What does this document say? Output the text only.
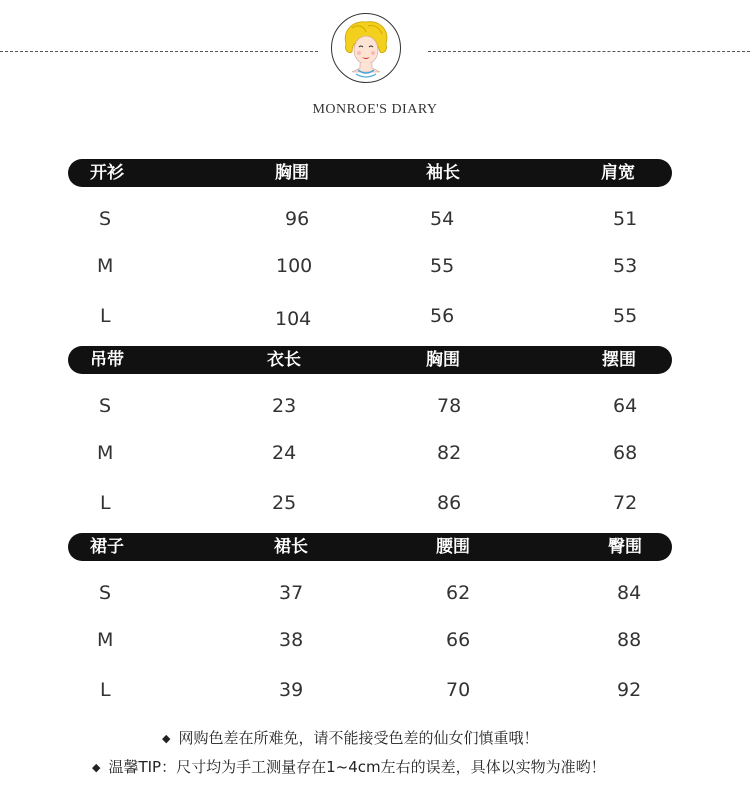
MONROE'S DIARY
开衫	胸围	袖长	肩宽
S	96	54	51
M	100	55	53
L	104	56	55
吊带	衣长	胸围	摆围
S	23	78	64
M	24	82	68
L	25	86	72
裙子	裙长	腰围	臀围
S	37	62	84
M	38	66	88
L	39	70	92
◆ 网购色差在所难免，请不能接受色差的仙女们慎重哦！
◆ 温馨TIP：尺寸均为手工测量存在1~4cm左右的误差，具体以实物为准哟！
